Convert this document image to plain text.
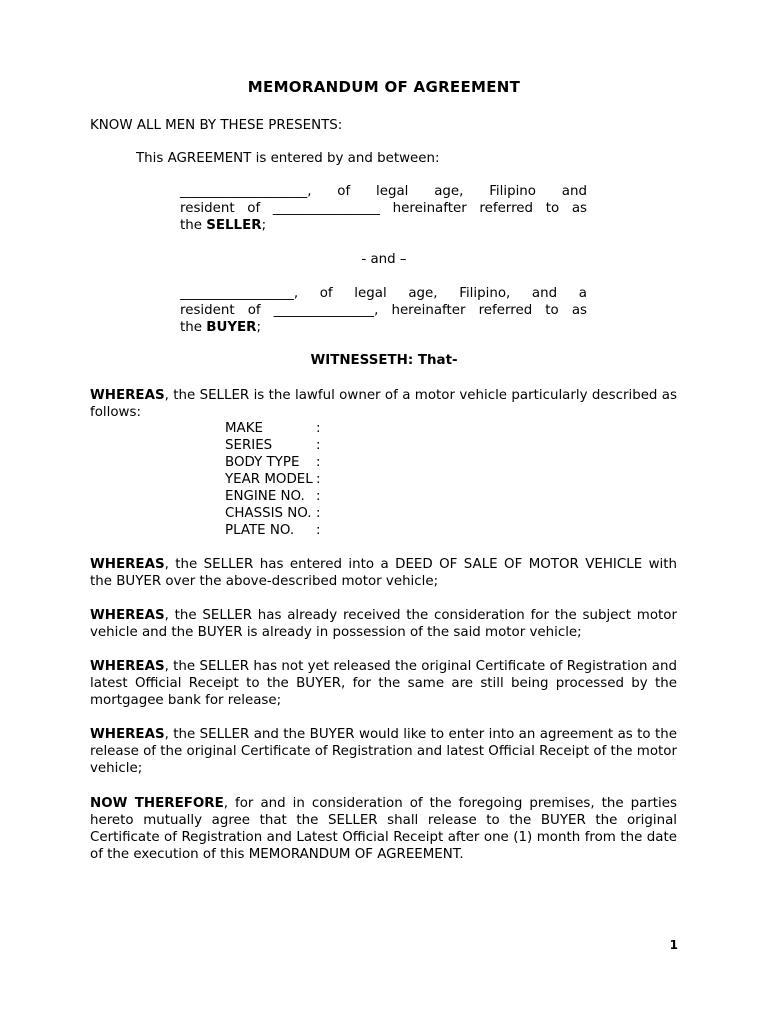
MEMORANDUM OF AGREEMENT
KNOW ALL MEN BY THESE PRESENTS:
This AGREEMENT is entered by and between:
___________________, of legal age, Filipino and
resident of ________________ hereinafter referred to as
the SELLER;
- and –
_________________, of legal age, Filipino, and a
resident of _______________, hereinafter referred to as
the BUYER;
WITNESSETH: That-
WHEREAS, the SELLER is the lawful owner of a motor vehicle particularly described as
follows:
MAKE	:
SERIES	:
BODY TYPE :
YEAR MODEL :
ENGINE NO. :
CHASSIS NO. :
PLATE NO. :
WHEREAS, the SELLER has entered into a DEED OF SALE OF MOTOR VEHICLE with
the BUYER over the above-described motor vehicle;
WHEREAS, the SELLER has already received the consideration for the subject motor
vehicle and the BUYER is already in possession of the said motor vehicle;
WHEREAS, the SELLER has not yet released the original Certificate of Registration and
latest Official Receipt to the BUYER, for the same are still being processed by the
mortgagee bank for release;
WHEREAS, the SELLER and the BUYER would like to enter into an agreement as to the
release of the original Certificate of Registration and latest Official Receipt of the motor
vehicle;
NOW THEREFORE, for and in consideration of the foregoing premises, the parties
hereto mutually agree that the SELLER shall release to the BUYER the original
Certificate of Registration and Latest Official Receipt after one (1) month from the date
of the execution of this MEMORANDUM OF AGREEMENT.
1
